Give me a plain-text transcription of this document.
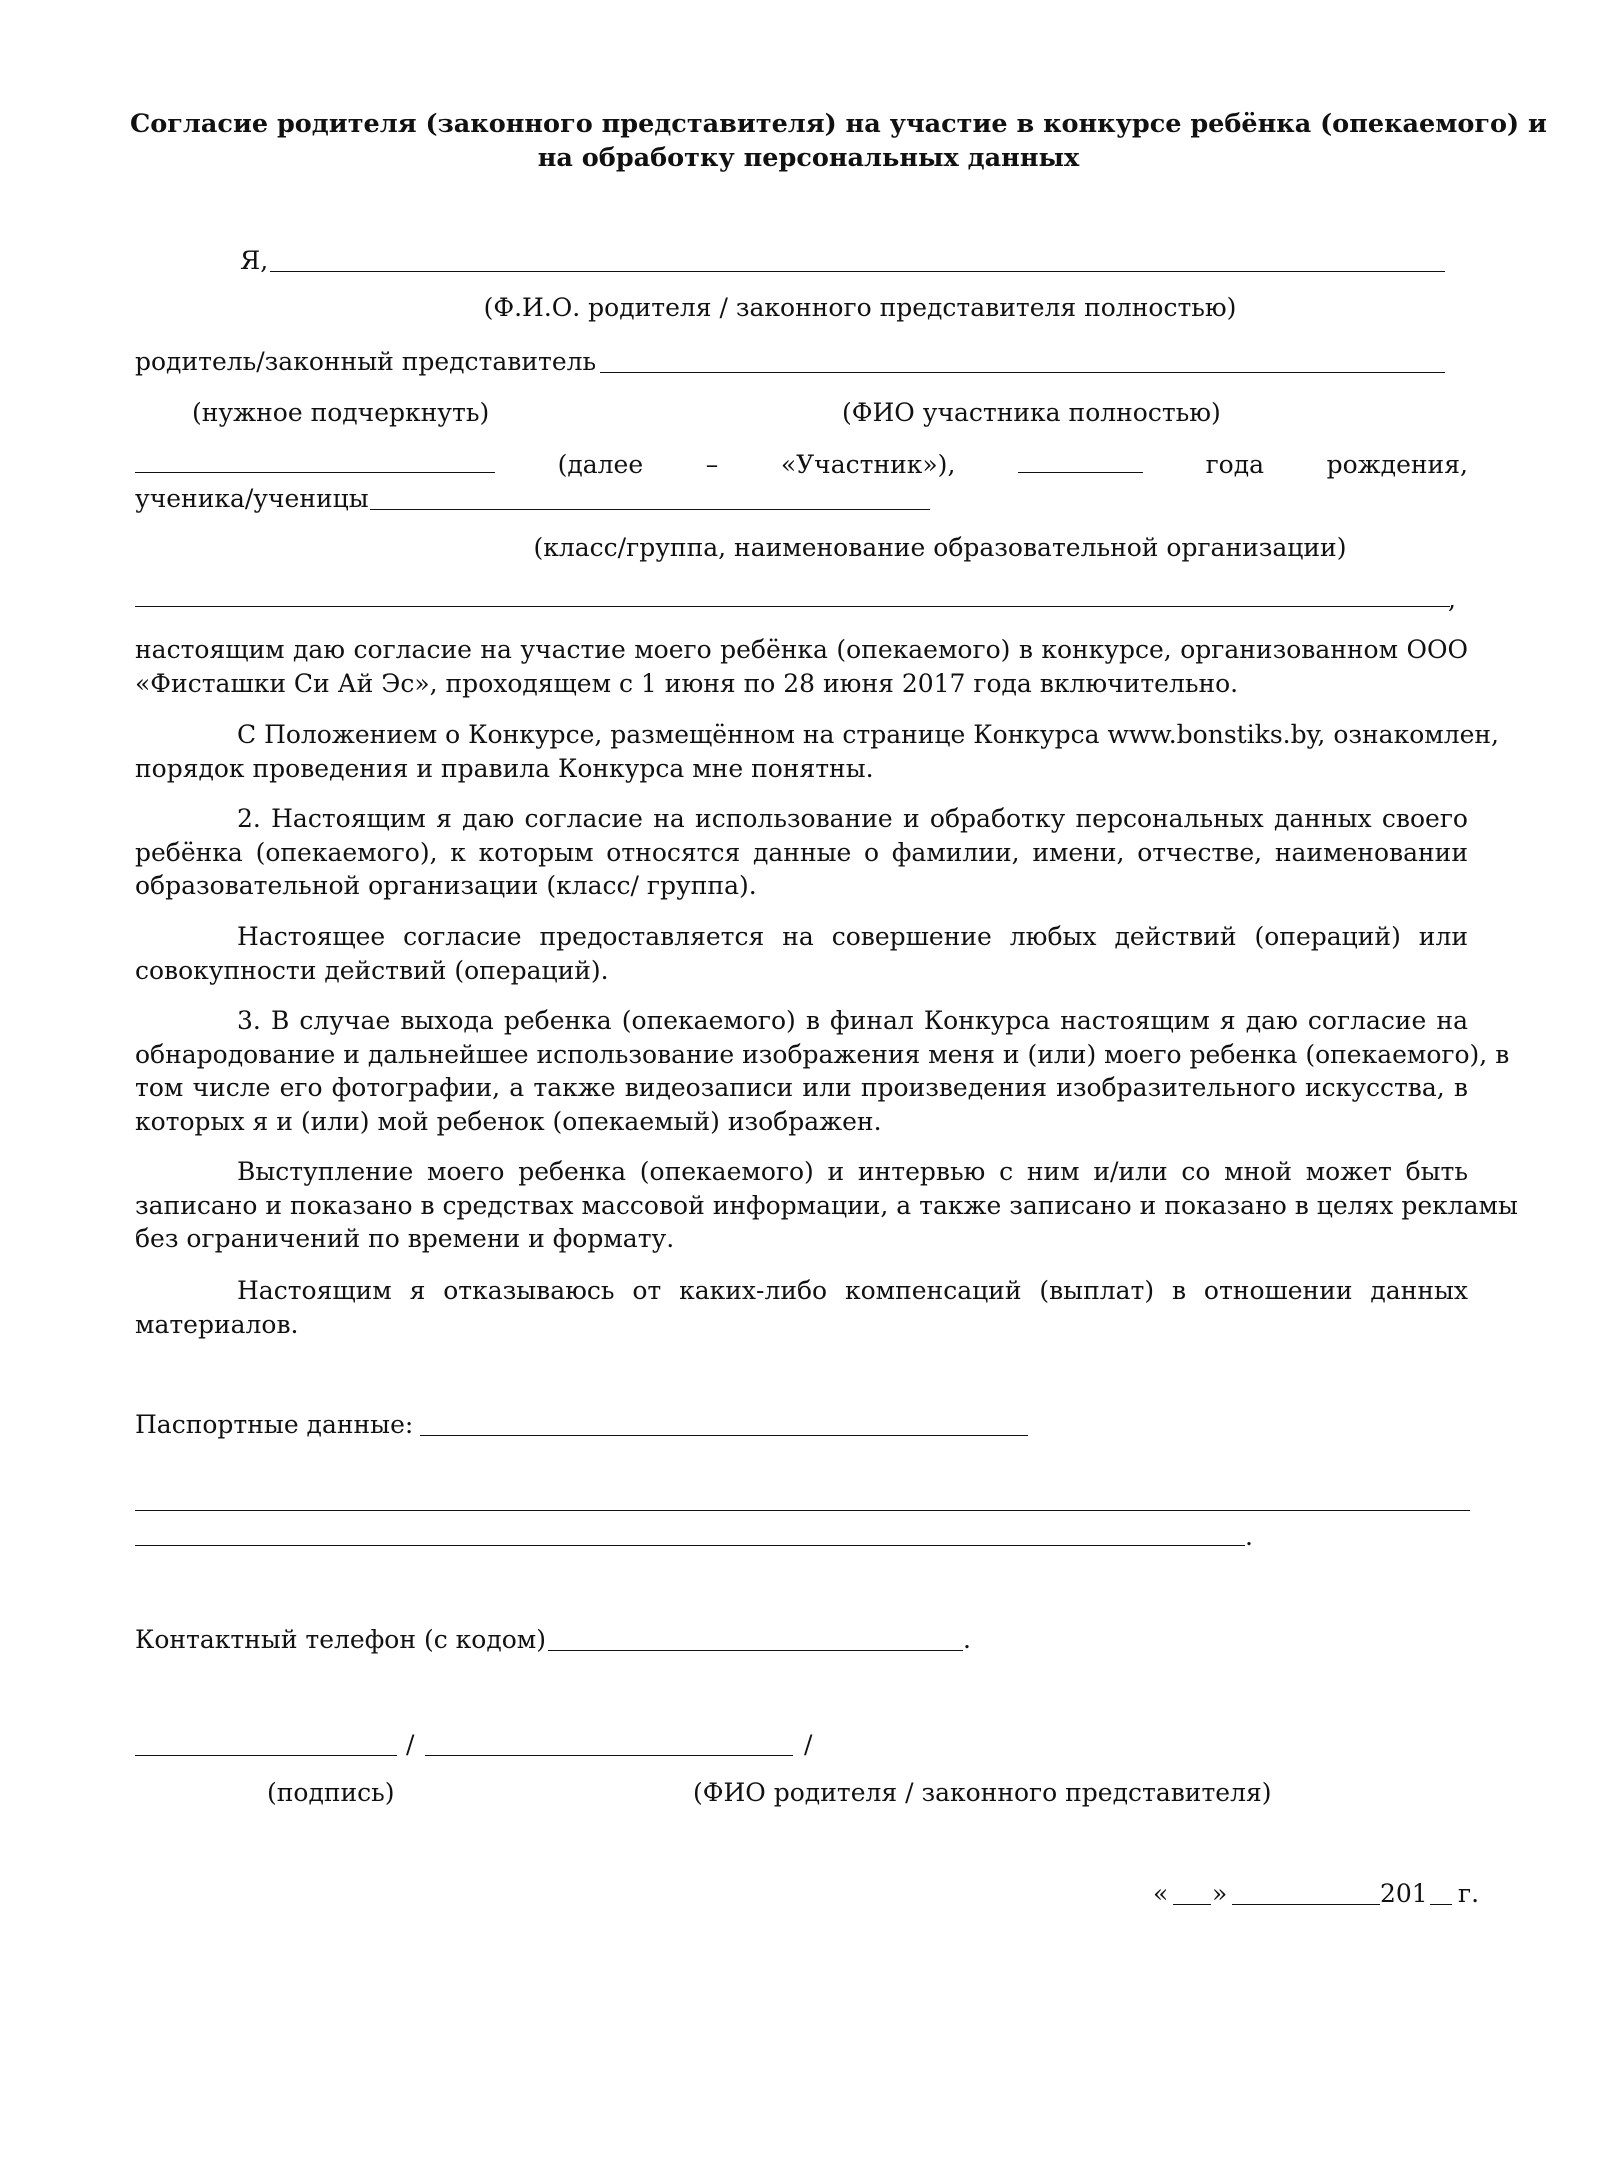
Согласие родителя (законного представителя) на участие в конкурсе ребёнка (опекаемого) и
на обработку персональных данных
Я,
(Ф.И.О. родителя / законного представителя полностью)
родитель/законный представитель
(нужное подчеркнуть)	(ФИО участника полностью)
(далее	–	«Участник»),	года	рождения,
ученика/ученицы
(класс/группа, наименование образовательной организации)
,
настоящим даю согласие на участие моего ребёнка (опекаемого) в конкурсе, организованном ООО
«Фисташки Си Ай Эс», проходящем с 1 июня по 28 июня 2017 года включительно.
С Положением о Конкурсе, размещённом на странице Конкурса www.bonstiks.by, ознакомлен,
порядок проведения и правила Конкурса мне понятны.
2. Настоящим я даю согласие на использование и обработку персональных данных своего
ребёнка (опекаемого), к которым относятся данные о фамилии, имени, отчестве, наименовании
образовательной организации (класс/ группа).
Настоящее согласие предоставляется на совершение любых действий (операций) или
совокупности действий (операций).
3. В случае выхода ребенка (опекаемого) в финал Конкурса настоящим я даю согласие на
обнародование и дальнейшее использование изображения меня и (или) моего ребенка (опекаемого), в
том числе его фотографии, а также видеозаписи или произведения изобразительного искусства, в
которых я и (или) мой ребенок (опекаемый) изображен.
Выступление моего ребенка (опекаемого) и интервью с ним и/или со мной может быть
записано и показано в средствах массовой информации, а также записано и показано в целях рекламы
без ограничений по времени и формату.
Настоящим я отказываюсь от каких-либо компенсаций (выплат) в отношении данных
материалов.
Паспортные данные:
.
Контактный телефон (с кодом)	.
/	/
(подпись)	(ФИО родителя / законного представителя)
« »	201 г.
